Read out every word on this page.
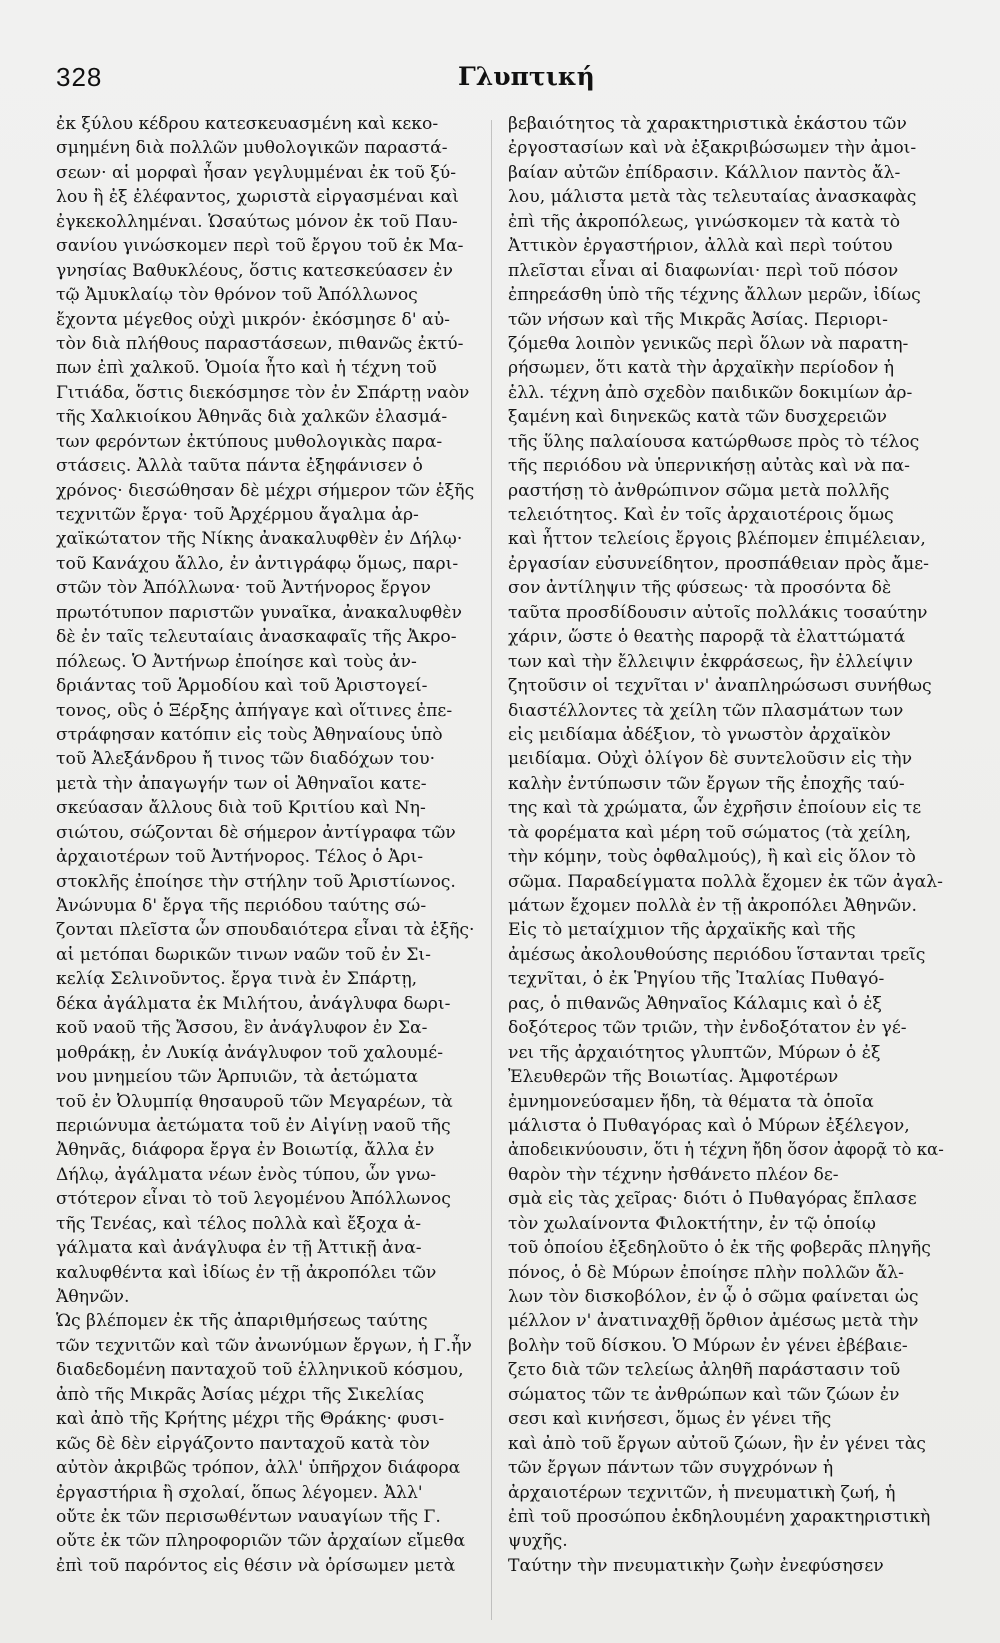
328	Γλυπτική
ἐκ ξύλου κέδρου κατεσκευασμένη καὶ κεκο-
σμημένη διὰ πολλῶν μυθολογικῶν παραστά-
σεων· αἱ μορφαὶ ἦσαν γεγλυμμέναι ἐκ τοῦ ξύ-
λου ἢ ἐξ ἐλέφαντος, χωριστὰ εἰργασμέναι καὶ
ἐγκεκολλημέναι. Ὡσαύτως μόνον ἐκ τοῦ Παυ-
σανίου γινώσκομεν περὶ τοῦ ἔργου τοῦ ἐκ Μα-
γνησίας Βαθυκλέους, ὅστις κατεσκεύασεν ἐν
τῷ Ἀμυκλαίῳ τὸν θρόνον τοῦ Ἀπόλλωνος
ἔχοντα μέγεθος οὐχὶ μικρόν· ἐκόσμησε δ' αὐ-
τὸν διὰ πλήθους παραστάσεων, πιθανῶς ἐκτύ-
πων ἐπὶ χαλκοῦ. Ὁμοία ἦτο καὶ ἡ τέχνη τοῦ
Γιτιάδα, ὅστις διεκόσμησε τὸν ἐν Σπάρτῃ ναὸν
τῆς Χαλκιοίκου Ἀθηνᾶς διὰ χαλκῶν ἐλασμά-
των φερόντων ἐκτύπους μυθολογικὰς παρα-
στάσεις. Ἀλλὰ ταῦτα πάντα ἐξηφάνισεν ὁ
χρόνος· διεσώθησαν δὲ μέχρι σήμερον τῶν ἑξῆς
τεχνιτῶν ἔργα· τοῦ Ἀρχέρμου ἄγαλμα ἀρ-
χαϊκώτατον τῆς Νίκης ἀνακαλυφθὲν ἐν Δήλῳ·
τοῦ Κανάχου ἄλλο, ἐν ἀντιγράφῳ ὅμως, παρι-
στῶν τὸν Ἀπόλλωνα· τοῦ Ἀντήνορος ἔργον
πρωτότυπον παριστῶν γυναῖκα, ἀνακαλυφθὲν
δὲ ἐν ταῖς τελευταίαις ἀνασκαφαῖς τῆς Ἀκρο-
πόλεως. Ὁ Ἀντήνωρ ἐποίησε καὶ τοὺς ἀν-
δριάντας τοῦ Ἁρμοδίου καὶ τοῦ Ἀριστογεί-
τονος, οὓς ὁ Ξέρξης ἀπήγαγε καὶ οἵτινες ἐπε-
στράφησαν κατόπιν εἰς τοὺς Ἀθηναίους ὑπὸ
τοῦ Ἀλεξάνδρου ἤ τινος τῶν διαδόχων του·
μετὰ τὴν ἀπαγωγήν των οἱ Ἀθηναῖοι κατε-
σκεύασαν ἄλλους διὰ τοῦ Κριτίου καὶ Νη-
σιώτου, σώζονται δὲ σήμερον ἀντίγραφα τῶν
ἀρχαιοτέρων τοῦ Ἀντήνορος. Τέλος ὁ Ἀρι-
στοκλῆς ἐποίησε τὴν στήλην τοῦ Ἀριστίωνος.
Ἀνώνυμα δ' ἔργα τῆς περιόδου ταύτης σώ-
ζονται πλεῖστα ὧν σπουδαιότερα εἶναι τὰ ἑξῆς·
αἱ μετόπαι δωρικῶν τινων ναῶν τοῦ ἐν Σι-
κελίᾳ Σελινοῦντος. ἔργα τινὰ ἐν Σπάρτῃ,
δέκα ἀγάλματα ἐκ Μιλήτου, ἀνάγλυφα δωρι-
κοῦ ναοῦ τῆς Ἄσσου, ἓν ἀνάγλυφον ἐν Σα-
μοθράκῃ, ἐν Λυκίᾳ ἀνάγλυφον τοῦ χαλουμέ-
νου μνημείου τῶν Ἁρπυιῶν, τὰ ἀετώματα
τοῦ ἐν Ὀλυμπίᾳ θησαυροῦ τῶν Μεγαρέων, τὰ
περιώνυμα ἀετώματα τοῦ ἐν Αἰγίνῃ ναοῦ τῆς
Ἀθηνᾶς, διάφορα ἔργα ἐν Βοιωτίᾳ, ἄλλα ἐν
Δήλῳ, ἀγάλματα νέων ἐνὸς τύπου, ὧν γνω-
στότερον εἶναι τὸ τοῦ λεγομένου Ἀπόλλωνος
τῆς Τενέας, καὶ τέλος πολλὰ καὶ ἔξοχα ἀ-
γάλματα καὶ ἀνάγλυφα ἐν τῇ Ἀττικῇ ἀνα-
καλυφθέντα καὶ ἰδίως ἐν τῇ ἀκροπόλει τῶν
Ἀθηνῶν.
Ὡς βλέπομεν ἐκ τῆς ἀπαριθμήσεως ταύτης
τῶν τεχνιτῶν καὶ τῶν ἀνωνύμων ἔργων, ἡ Γ.ἦν
διαδεδομένη πανταχοῦ τοῦ ἑλληνικοῦ κόσμου,
ἀπὸ τῆς Μικρᾶς Ἀσίας μέχρι τῆς Σικελίας
καὶ ἀπὸ τῆς Κρήτης μέχρι τῆς Θράκης· φυσι-
κῶς δὲ δὲν εἰργάζοντο πανταχοῦ κατὰ τὸν
αὐτὸν ἀκριβῶς τρόπον, ἀλλ' ὑπῆρχον διάφορα
ἐργαστήρια ἢ σχολαί, ὅπως λέγομεν. Ἀλλ'
οὔτε ἐκ τῶν περισωθέντων ναυαγίων τῆς Γ.
οὔτε ἐκ τῶν πληροφοριῶν τῶν ἀρχαίων εἴμεθα
ἐπὶ τοῦ παρόντος εἰς θέσιν νὰ ὁρίσωμεν μετὰ
βεβαιότητος τὰ χαρακτηριστικὰ ἑκάστου τῶν
ἐργοστασίων καὶ νὰ ἐξακριβώσωμεν τὴν ἀμοι-
βαίαν αὐτῶν ἐπίδρασιν. Κάλλιον παντὸς ἄλ-
λου, μάλιστα μετὰ τὰς τελευταίας ἀνασκαφὰς
ἐπὶ τῆς ἀκροπόλεως, γινώσκομεν τὰ κατὰ τὸ
Ἀττικὸν ἐργαστήριον, ἀλλὰ καὶ περὶ τούτου
πλεῖσται εἶναι αἱ διαφωνίαι· περὶ τοῦ πόσον
ἐπηρεάσθη ὑπὸ τῆς τέχνης ἄλλων μερῶν, ἰδίως
τῶν νήσων καὶ τῆς Μικρᾶς Ἀσίας. Περιορι-
ζόμεθα λοιπὸν γενικῶς περὶ ὅλων νὰ παρατη-
ρήσωμεν, ὅτι κατὰ τὴν ἀρχαϊκὴν περίοδον ἡ
ἑλλ. τέχνη ἀπὸ σχεδὸν παιδικῶν δοκιμίων ἀρ-
ξαμένη καὶ διηνεκῶς κατὰ τῶν δυσχερειῶν
τῆς ὕλης παλαίουσα κατώρθωσε πρὸς τὸ τέλος
τῆς περιόδου νὰ ὑπερνικήσῃ αὐτὰς καὶ νὰ πα-
ραστήσῃ τὸ ἀνθρώπινον σῶμα μετὰ πολλῆς
τελειότητος. Καὶ ἐν τοῖς ἀρχαιοτέροις ὅμως
καὶ ἧττον τελείοις ἔργοις βλέπομεν ἐπιμέλειαν,
ἐργασίαν εὐσυνείδητον, προσπάθειαν πρὸς ἄμε-
σον ἀντίληψιν τῆς φύσεως· τὰ προσόντα δὲ
ταῦτα προσδίδουσιν αὐτοῖς πολλάκις τοσαύτην
χάριν, ὥστε ὁ θεατὴς παρορᾷ τὰ ἐλαττώματά
των καὶ τὴν ἔλλειψιν ἐκφράσεως, ἣν ἐλλείψιν
ζητοῦσιν οἱ τεχνῖται ν' ἀναπληρώσωσι συνήθως
διαστέλλοντες τὰ χείλη τῶν πλασμάτων των
εἰς μειδίαμα ἀδέξιον, τὸ γνωστὸν ἀρχαϊκὸν
μειδίαμα. Οὐχὶ ὀλίγον δὲ συντελοῦσιν εἰς τὴν
καλὴν ἐντύπωσιν τῶν ἔργων τῆς ἐποχῆς ταύ-
της καὶ τὰ χρώματα, ὧν ἐχρῆσιν ἐποίουν εἰς τε
τὰ φορέματα καὶ μέρη τοῦ σώματος (τὰ χείλη,
τὴν κόμην, τοὺς ὀφθαλμούς), ἢ καὶ εἰς ὅλον τὸ
σῶμα. Παραδείγματα πολλὰ ἔχομεν ἐκ τῶν ἀγαλ-
μάτων ἔχομεν πολλὰ ἐν τῇ ἀκροπόλει Ἀθηνῶν.
Εἰς τὸ μεταίχμιον τῆς ἀρχαϊκῆς καὶ τῆς
ἀμέσως ἀκολουθούσης περιόδου ἵστανται τρεῖς
τεχνῖται, ὁ ἐκ Ῥηγίου τῆς Ἰταλίας Πυθαγό-
ρας, ὁ πιθανῶς Ἀθηναῖος Κάλαμις καὶ ὁ ἐξ
δοξότερος τῶν τριῶν, τὴν ἐνδοξότατον ἐν γέ-
νει τῆς ἀρχαιότητος γλυπτῶν, Μύρων ὁ ἐξ
Ἐλευθερῶν τῆς Βοιωτίας. Ἀμφοτέρων
ἐμνημονεύσαμεν ἤδη, τὰ θέματα τὰ ὁποῖα
μάλιστα ὁ Πυθαγόρας καὶ ὁ Μύρων ἐξέλεγον,
ἀποδεικνύουσιν, ὅτι ἡ τέχνη ἤδη ὅσον ἀφορᾷ τὸ κα-
θαρὸν τὴν τέχνην ἠσθάνετο πλέον δε-
σμὰ εἰς τὰς χεῖρας· διότι ὁ Πυθαγόρας ἔπλασε
τὸν χωλαίνοντα Φιλοκτήτην, ἐν τῷ ὁποίῳ
τοῦ ὁποίου ἐξεδηλοῦτο ὁ ἐκ τῆς φοβερᾶς πληγῆς
πόνος, ὁ δὲ Μύρων ἐποίησε πλὴν πολλῶν ἄλ-
λων τὸν δισκοβόλον, ἐν ᾧ ὁ σῶμα φαίνεται ὡς
μέλλον ν' ἀνατιναχθῇ ὅρθιον ἀμέσως μετὰ τὴν
βολὴν τοῦ δίσκου. Ὁ Μύρων ἐν γένει ἐβέβαιε-
ζετο διὰ τῶν τελείως ἀληθῆ παράστασιν τοῦ
σώματος τῶν τε ἀνθρώπων καὶ τῶν ζώων ἐν
σεσι καὶ κινήσεσι, ὅμως ἐν γένει τῆς
καὶ ἀπὸ τοῦ ἔργων αὐτοῦ ζώων, ἣν ἐν γένει τὰς
τῶν ἔργων πάντων τῶν συγχρόνων ἡ
ἀρχαιοτέρων τεχνιτῶν, ἡ πνευματικὴ ζωή, ἡ
ἐπὶ τοῦ προσώπου ἐκδηλουμένη χαρακτηριστικὴ
ψυχῆς.
Ταύτην τὴν πνευματικὴν ζωὴν ἐνεφύσησεν
